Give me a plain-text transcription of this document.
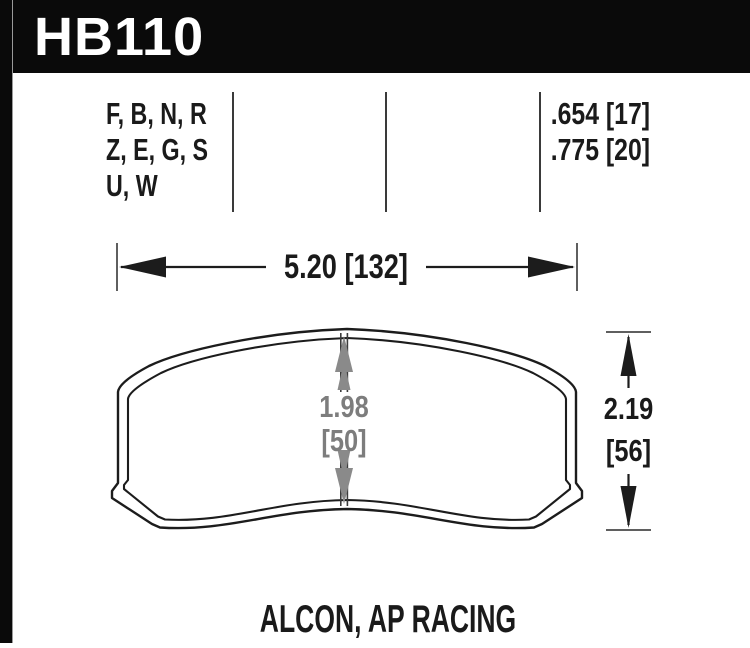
HB110
F, B, N, R
Z, E, G, S
U, W
.654 [17]
.775 [20]
5.20 [132]
1.98
[50]
2.19
[56]
ALCON, AP RACING
